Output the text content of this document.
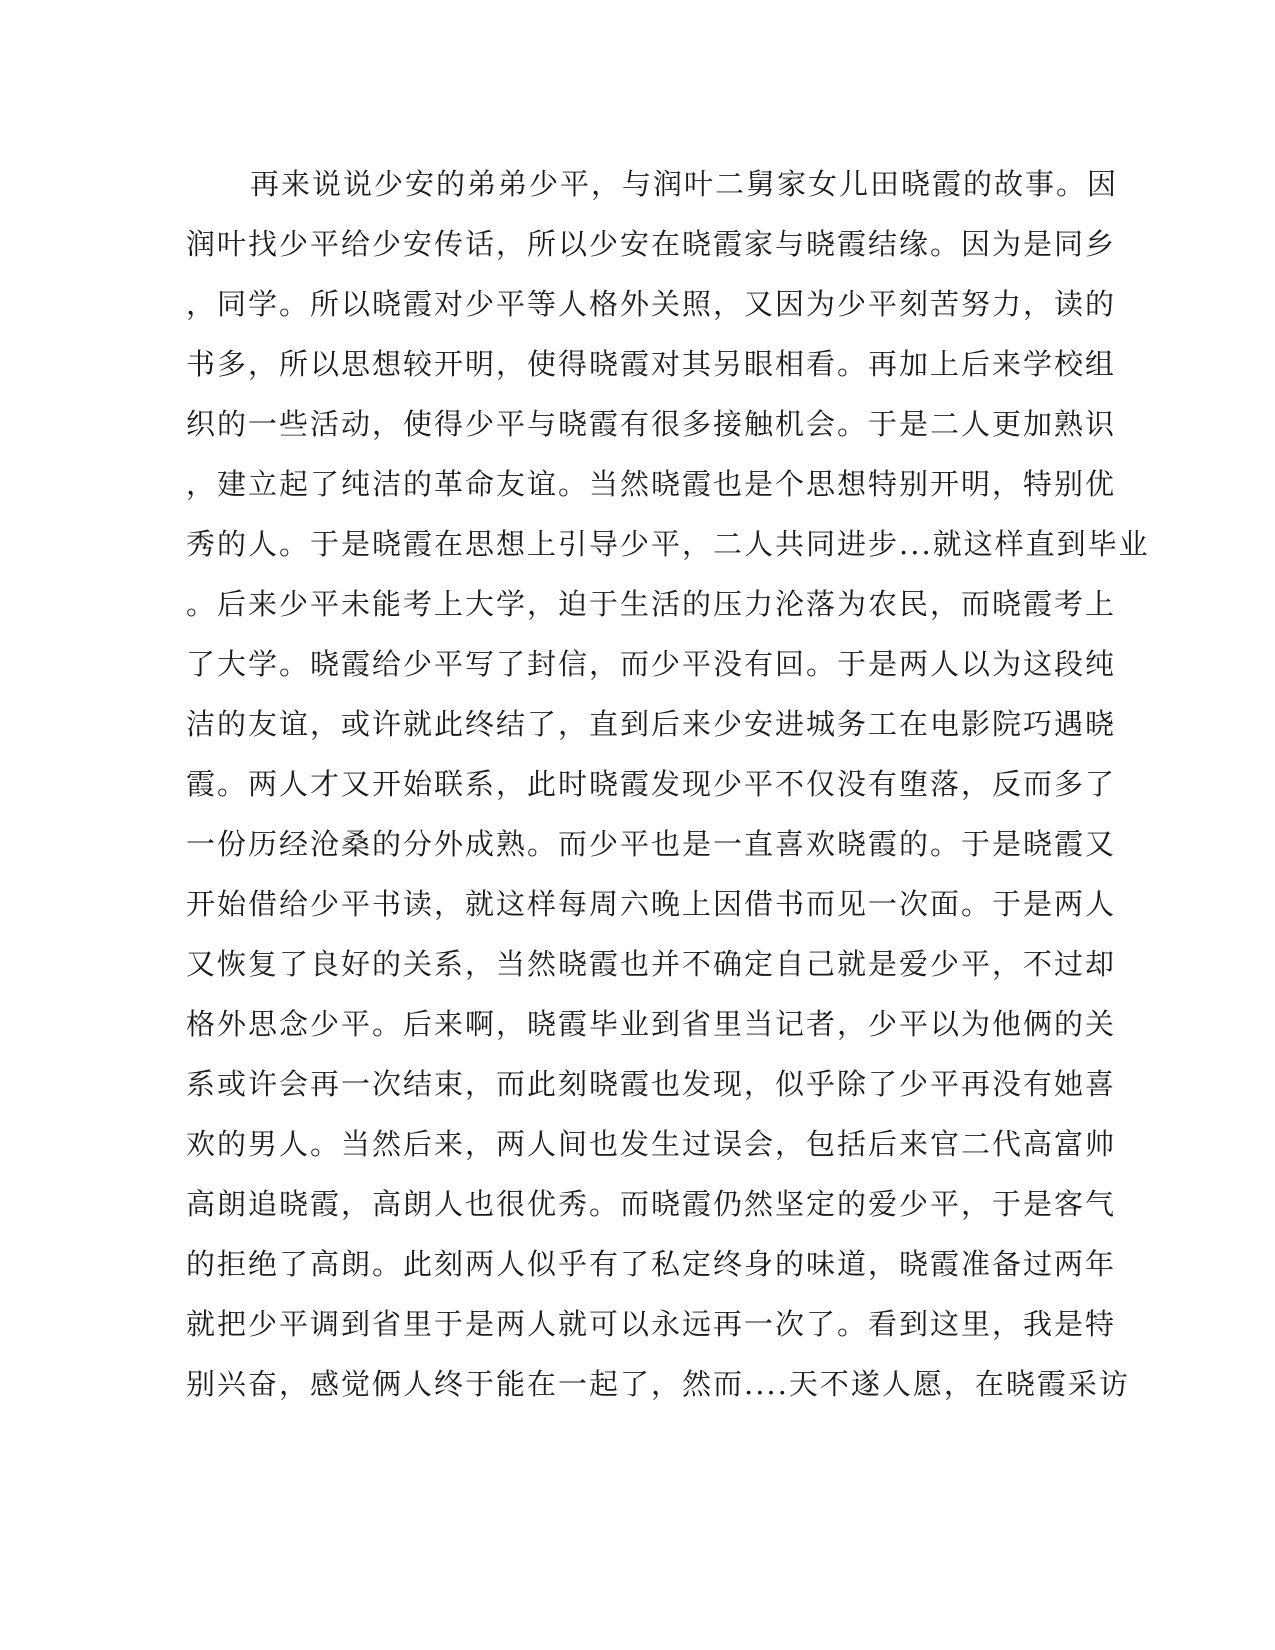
再来说说少安的弟弟少平，与润叶二舅家女儿田晓霞的故事。因
润叶找少平给少安传话，所以少安在晓霞家与晓霞结缘。因为是同乡
，同学。所以晓霞对少平等人格外关照，又因为少平刻苦努力，读的
书多，所以思想较开明，使得晓霞对其另眼相看。再加上后来学校组
织的一些活动，使得少平与晓霞有很多接触机会。于是二人更加熟识
，建立起了纯洁的革命友谊。当然晓霞也是个思想特别开明，特别优
秀的人。于是晓霞在思想上引导少平，二人共同进步...就这样直到毕业
。后来少平未能考上大学，迫于生活的压力沦落为农民，而晓霞考上
了大学。晓霞给少平写了封信，而少平没有回。于是两人以为这段纯
洁的友谊，或许就此终结了，直到后来少安进城务工在电影院巧遇晓
霞。两人才又开始联系，此时晓霞发现少平不仅没有堕落，反而多了
一份历经沧桑的分外成熟。而少平也是一直喜欢晓霞的。于是晓霞又
开始借给少平书读，就这样每周六晚上因借书而见一次面。于是两人
又恢复了良好的关系，当然晓霞也并不确定自己就是爱少平，不过却
格外思念少平。后来啊，晓霞毕业到省里当记者，少平以为他俩的关
系或许会再一次结束，而此刻晓霞也发现，似乎除了少平再没有她喜
欢的男人。当然后来，两人间也发生过误会，包括后来官二代高富帅
高朗追晓霞，高朗人也很优秀。而晓霞仍然坚定的爱少平，于是客气
的拒绝了高朗。此刻两人似乎有了私定终身的味道，晓霞准备过两年
就把少平调到省里于是两人就可以永远再一次了。看到这里，我是特
别兴奋，感觉俩人终于能在一起了，然而....天不遂人愿，在晓霞采访
